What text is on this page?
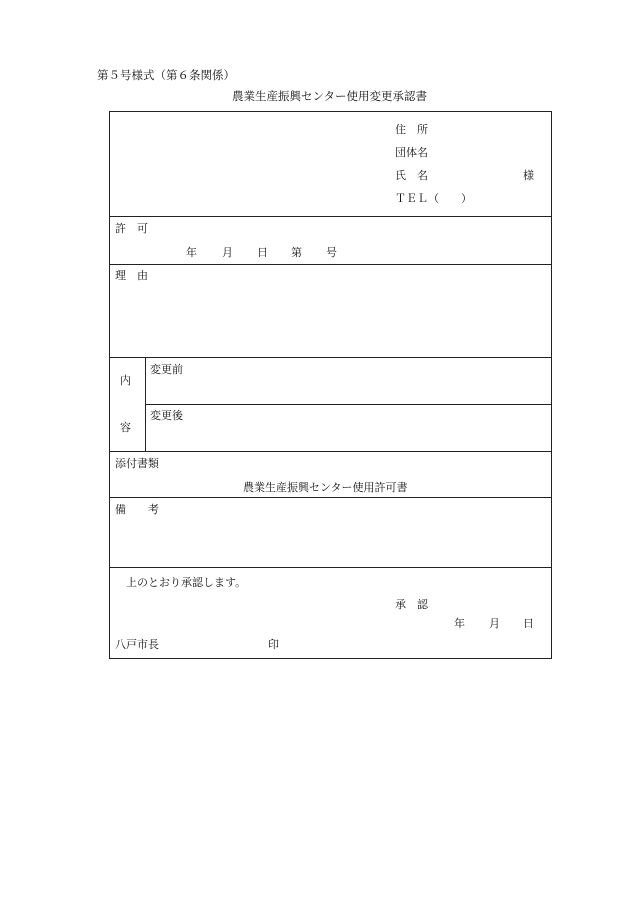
第５号様式（第６条関係）
農業生産振興センター使用変更承認書
住　所
団体名
氏　名	様
ＴＥＬ（　　）
許　可
年 月 日 第 号
理　由
内
容
変更前
変更後
添付書類
農業生産振興センター使用許可書
備　　考
上のとおり承認します。
承　認
年 月 日
八戸市長	印
